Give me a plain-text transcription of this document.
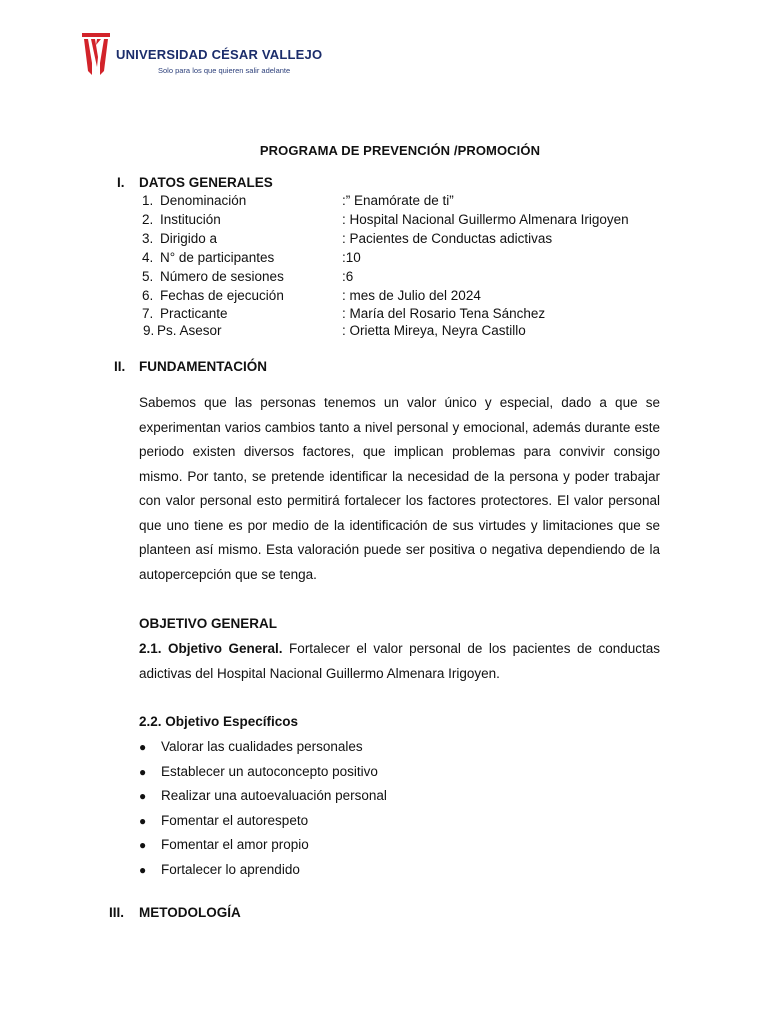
UNIVERSIDAD CÉSAR VALLEJO
Solo para los que quieren salir adelante
PROGRAMA DE PREVENCIÓN /PROMOCIÓN
I. DATOS GENERALES
1. Denominación	:” Enamórate de ti”
2. Institución	: Hospital Nacional Guillermo Almenara Irigoyen
3. Dirigido a	: Pacientes de Conductas adictivas
4. N° de participantes	:10
5. Número de sesiones	:6
6. Fechas de ejecución	: mes de Julio del 2024
7. Practicante	: María del Rosario Tena Sánchez
9. Ps. Asesor	: Orietta Mireya, Neyra Castillo
II. FUNDAMENTACIÓN

Sabemos que las personas tenemos un valor único y especial, dado a que se experimentan varios cambios tanto a nivel personal y emocional, además durante este periodo existen diversos factores, que implican problemas para convivir consigo mismo. Por tanto, se pretende identificar la necesidad de la persona y poder trabajar con valor personal esto permitirá fortalecer los factores protectores. El valor personal que uno tiene es por medio de la identificación de sus virtudes y limitaciones que se planteen así mismo. Esta valoración puede ser positiva o negativa dependiendo de la autopercepción que se tenga.

OBJETIVO GENERAL

2.1. Objetivo General. Fortalecer el valor personal de los pacientes de conductas adictivas del Hospital Nacional Guillermo Almenara Irigoyen.

2.2. Objetivo Específicos
● Valorar las cualidades personales
● Establecer un autoconcepto positivo
● Realizar una autoevaluación personal
● Fomentar el autorespeto
● Fomentar el amor propio
● Fortalecer lo aprendido
III. METODOLOGÍA
